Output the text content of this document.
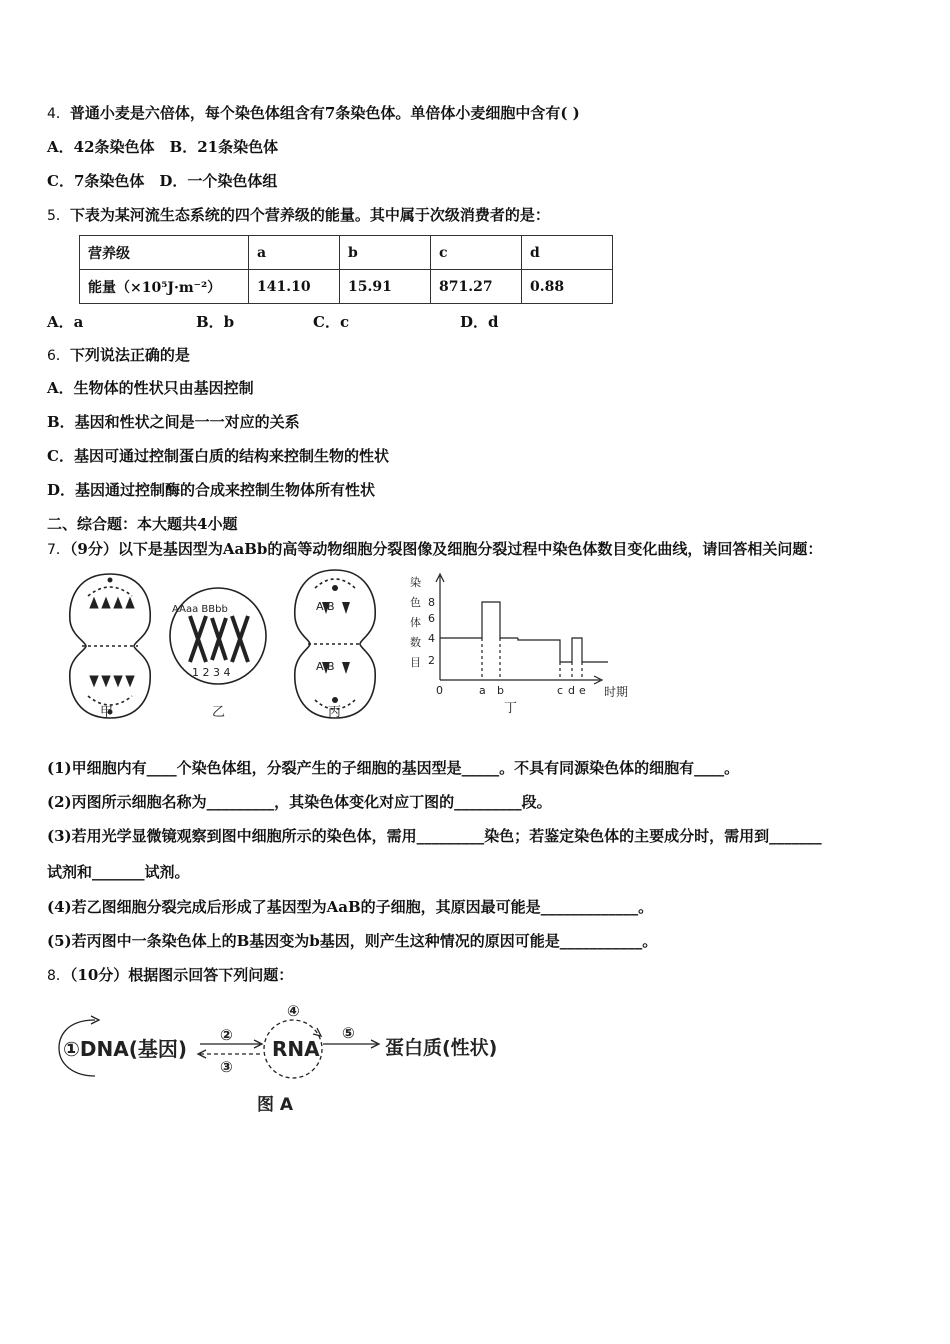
4．普通小麦是六倍体，每个染色体组含有7条染色体。单倍体小麦细胞中含有( )
A．42条染色体　B．21条染色体
C．7条染色体　D．一个染色体组
5．下表为某河流生态系统的四个营养级的能量。其中属于次级消费者的是：
营养级	a	b	c	d
能量（×10⁵J·m⁻²）	141.10	15.91	871.27	0.88
A．a	B．b	C．c	D．d
6．下列说法正确的是
A．生物体的性状只由基因控制
B．基因和性状之间是一一对应的关系
C．基因可通过控制蛋白质的结构来控制生物的性状
D．基因通过控制酶的合成来控制生物体所有性状
二、综合题：本大题共4小题
7．（9分）以下是基因型为AaBb的高等动物细胞分裂图像及细胞分裂过程中染色体数目变化曲线，请回答相关问题：
AAaa BBbb
1 2 3 4
A B
A B
染
色
体
数
目
8
6
4
2
0	a b	c d e 时期
甲	乙	丙	丁
(1)甲细胞内有____个染色体组，分裂产生的子细胞的基因型是_____。不具有同源染色体的细胞有____。
(2)丙图所示细胞名称为_________，其染色体变化对应丁图的_________段。
(3)若用光学显微镜观察到图中细胞所示的染色体，需用_________染色；若鉴定染色体的主要成分时，需用到_______
试剂和_______试剂。
(4)若乙图细胞分裂完成后形成了基因型为AaB的子细胞，其原因最可能是_____________。
(5)若丙图中一条染色体上的B基因变为b基因，则产生这种情况的原因可能是___________。
8．（10分）根据图示回答下列问题：
①DNA(基因)
②
③
④
RNA
⑤
蛋白质(性状)
图 A
